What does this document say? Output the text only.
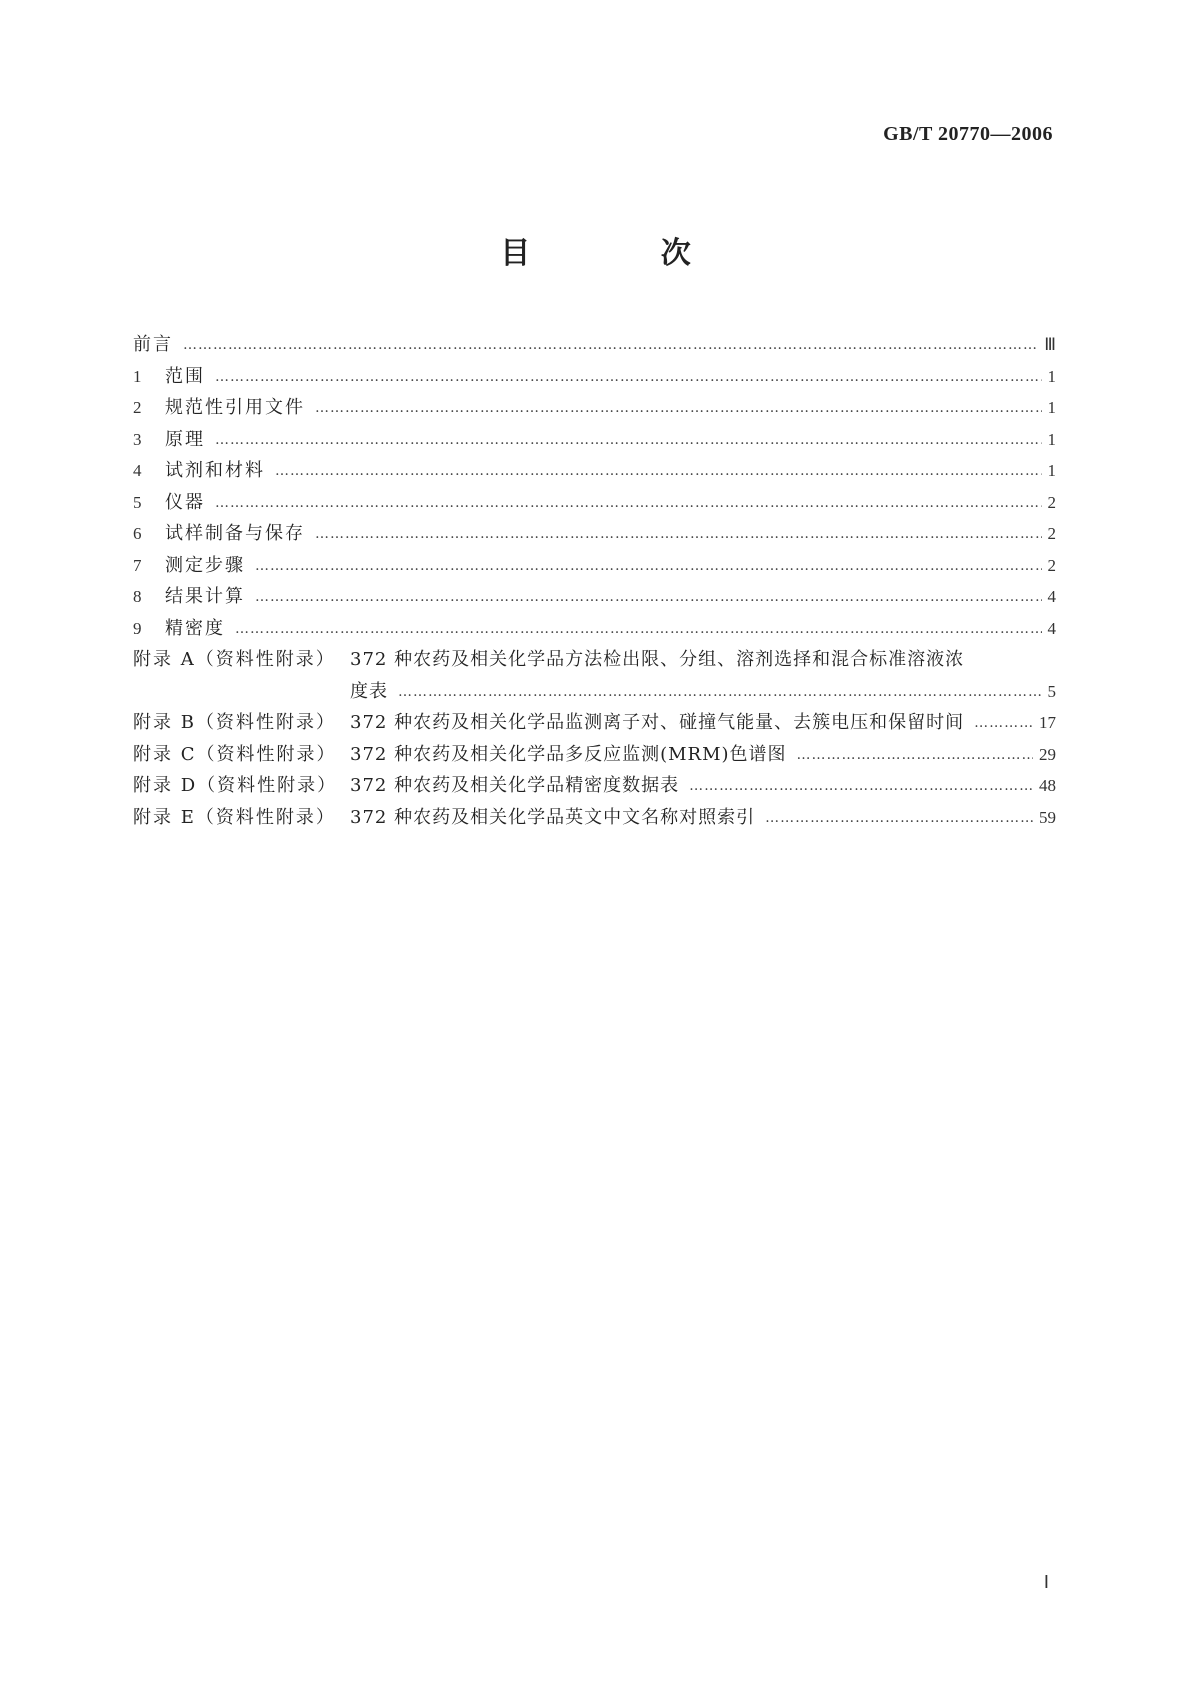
GB/T 20770—2006
目 次
前言 …………………………………………………………………………………………………………………………………………………………………………………………………………	Ⅲ
1	范围 …………………………………………………………………………………………………………………………………………………………………………………………………………	1
2	规范性引用文件 …………………………………………………………………………………………………………………………………………………………………………………………………………	1
3	原理 …………………………………………………………………………………………………………………………………………………………………………………………………………	1
4	试剂和材料 …………………………………………………………………………………………………………………………………………………………………………………………………………	1
5	仪器 …………………………………………………………………………………………………………………………………………………………………………………………………………	2
6	试样制备与保存 …………………………………………………………………………………………………………………………………………………………………………………………………………	2
7	测定步骤 …………………………………………………………………………………………………………………………………………………………………………………………………………	2
8	结果计算 …………………………………………………………………………………………………………………………………………………………………………………………………………	4
9	精密度 …………………………………………………………………………………………………………………………………………………………………………………………………………	4
附录 A（资料性附录） 372 种农药及相关化学品方法检出限、分组、溶剂选择和混合标准溶液浓
度表 …………………………………………………………………………………………………………………………………………………………………………………………………………	5
附录 B（资料性附录） 372 种农药及相关化学品监测离子对、碰撞气能量、去簇电压和保留时间 …………………………………………………………………………………………………………………………………………………………………………………………………………	17
附录 C（资料性附录） 372 种农药及相关化学品多反应监测(MRM)色谱图 …………………………………………………………………………………………………………………………………………………………………………………………………………	29
附录 D（资料性附录） 372 种农药及相关化学品精密度数据表 …………………………………………………………………………………………………………………………………………………………………………………………………………	48
附录 E（资料性附录） 372 种农药及相关化学品英文中文名称对照索引 …………………………………………………………………………………………………………………………………………………………………………………………………………	59
Ⅰ
